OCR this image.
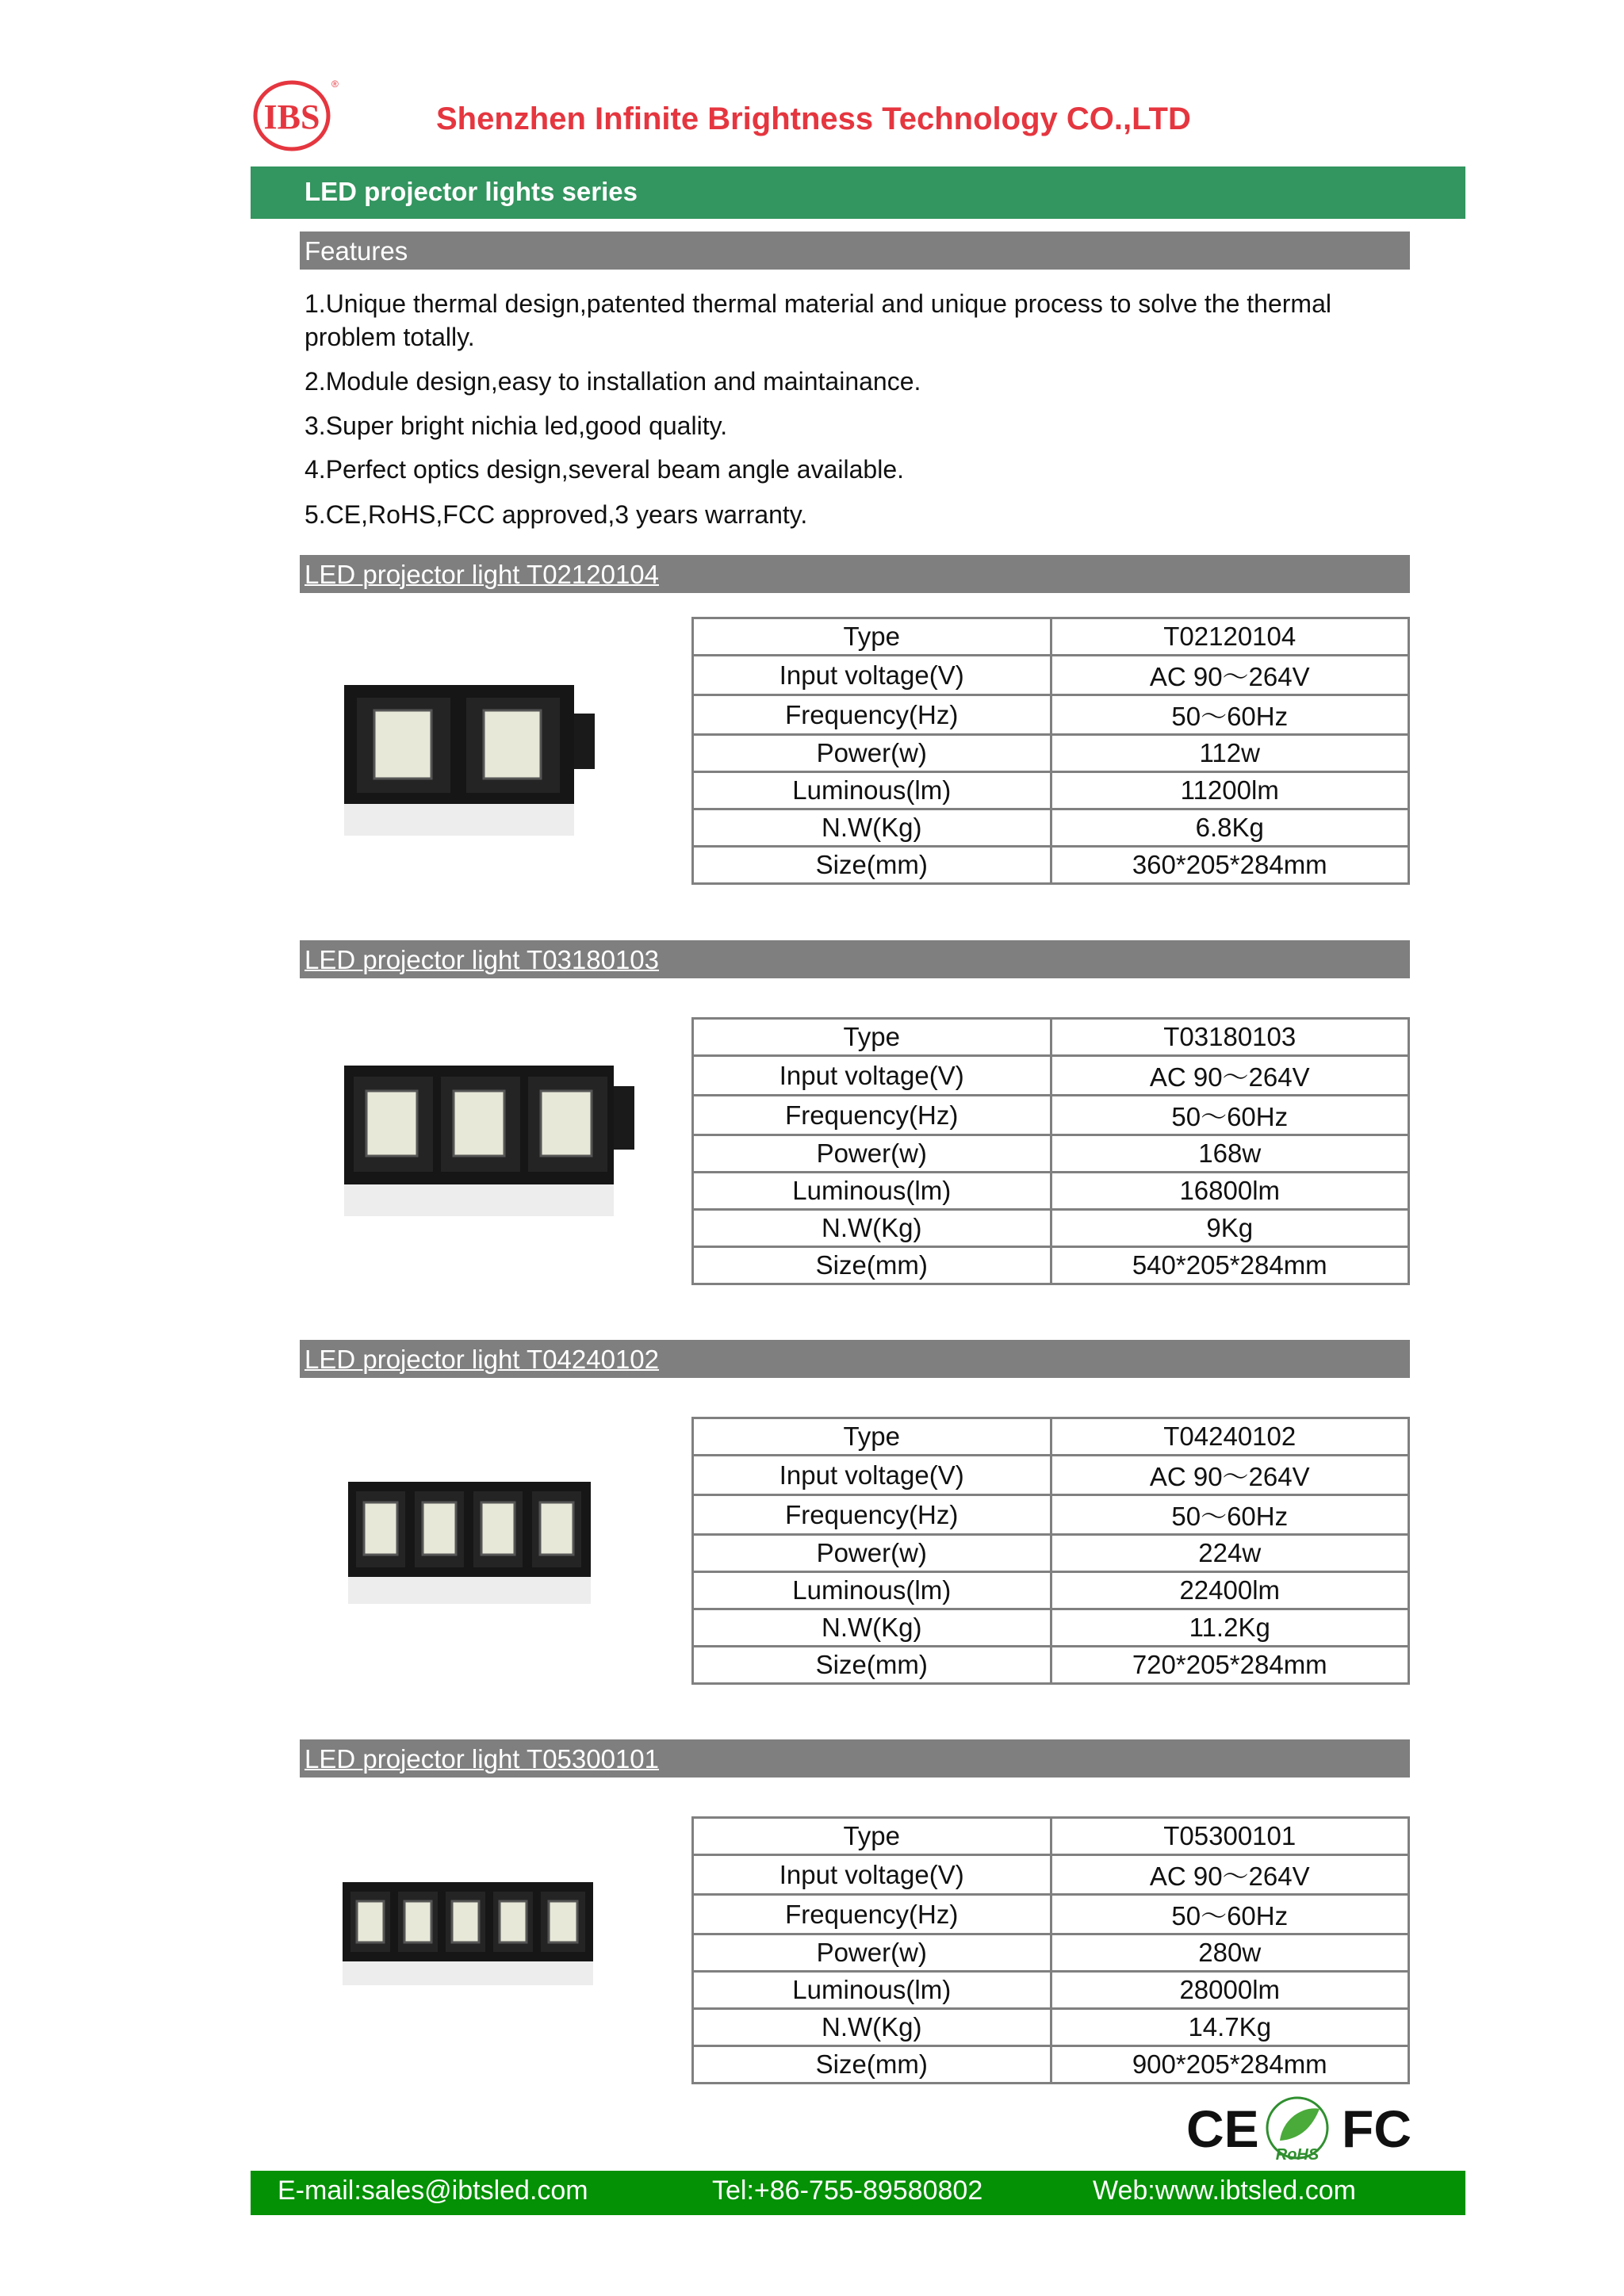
IBS
®
Shenzhen Infinite Brightness Technology CO.,LTD
LED projector lights series
Features
1.Unique thermal design,patented thermal material and unique process to solve the thermal problem totally.
2.Module design,easy to installation and maintainance.
3.Super bright nichia led,good quality.
4.Perfect optics design,several beam angle available.
5.CE,RoHS,FCC approved,3 years warranty.
LED projector light T02120104
Type	T02120104
Input voltage(V)	AC 90～264V
Frequency(Hz)	50～60Hz
Power(w)	112w
Luminous(lm)	11200lm
N.W(Kg)	6.8Kg
Size(mm)	360*205*284mm
LED projector light T03180103
Type	T03180103
Input voltage(V)	AC 90～264V
Frequency(Hz)	50～60Hz
Power(w)	168w
Luminous(lm)	16800lm
N.W(Kg)	9Kg
Size(mm)	540*205*284mm
LED projector light T04240102
Type	T04240102
Input voltage(V)	AC 90～264V
Frequency(Hz)	50～60Hz
Power(w)	224w
Luminous(lm)	22400lm
N.W(Kg)	11.2Kg
Size(mm)	720*205*284mm
LED projector light T05300101
Type	T05300101
Input voltage(V)	AC 90～264V
Frequency(Hz)	50～60Hz
Power(w)	280w
Luminous(lm)	28000lm
N.W(Kg)	14.7Kg
Size(mm)	900*205*284mm
CE RoHS FC
E-mail:sales@ibtsled.com	Tel:+86-755-89580802	Web:www.ibtsled.com
